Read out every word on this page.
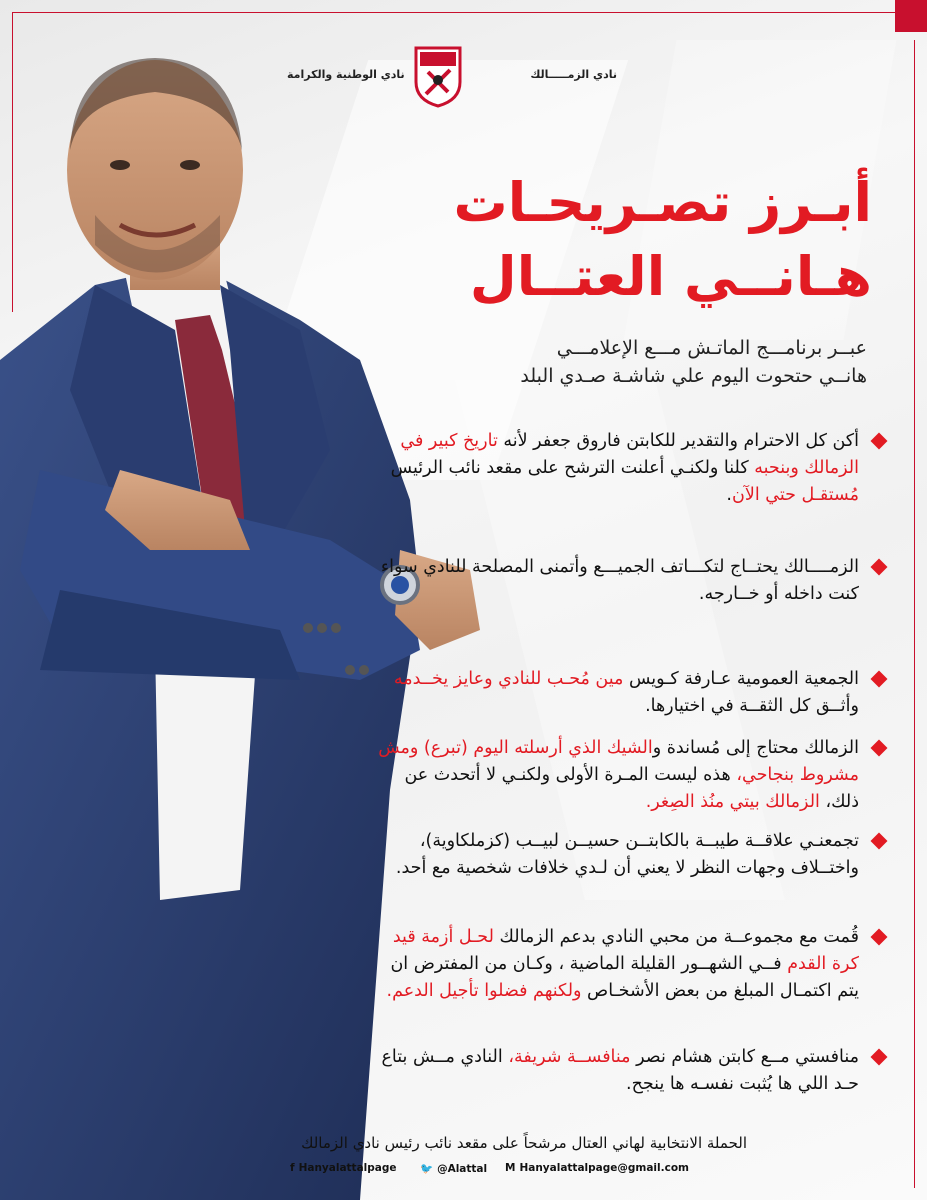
نادي الوطنية والكرامة	نادي الزمـــــالك
أبـرز تصـريحـات
هـانــي العتــال
عبــر برنامـــج الماتـش مـــع الإعلامـــي
هانــي حتحوت اليوم علي شاشـة صـدي البلد

أكن كل الاحترام والتقدير للكابتن فاروق جعفر لأنه تاريخ كبير في الزمالك وبنحبه كلنا ولكنـي أعلنت الترشح على مقعد نائب الرئيس مُستقـل حتي الآن.

الزمــــالك يحتــاج لتكـــاتف الجميـــع وأتمنى المصلحة للنادي سواء كنت داخله أو خــارجه.

الجمعية العمومية عـارفة كـويس مين مُحـب للنادي وعايز يخــدمه وأثــق كل الثقــة في اختيارها.

الزمالك محتاج إلى مُساندة والشيك الذي أرسلته اليوم (تبرع) ومش مشروط بنجاحي، هذه ليست المـرة الأولى ولكنـي لا أتحدث عن ذلك، الزمالك بيتي منُذ الصِغر.

تجمعنـي علاقــة طيبــة بالكابتــن حسيــن لبيــب (كزملكاوية)، واختــلاف وجهات النظر لا يعني أن لـدي خلافات شخصية مع أحد.

قُمت مع مجموعــة من محبي النادي بدعم الزمالك لحـل أزمة قيد كرة القدم فــي الشهــور القليلة الماضية ، وكـان من المفترض ان يتم اكتمـال المبلغ من بعض الأشخـاص ولكنهم فضلوا تأجيل الدعم.

منافستي مــع كابتن هشام نصر منافســة شريفة، النادي مــش بتاع حـد اللي ها يُثبت نفسـه ها ينجح.

الحملة الانتخابية لهاني العتال مرشحاً على مقعد نائب رئيس نادي الزمالك
f Hanyalattalpage 🐦 @Alattal M Hanyalattalpage@gmail.com
